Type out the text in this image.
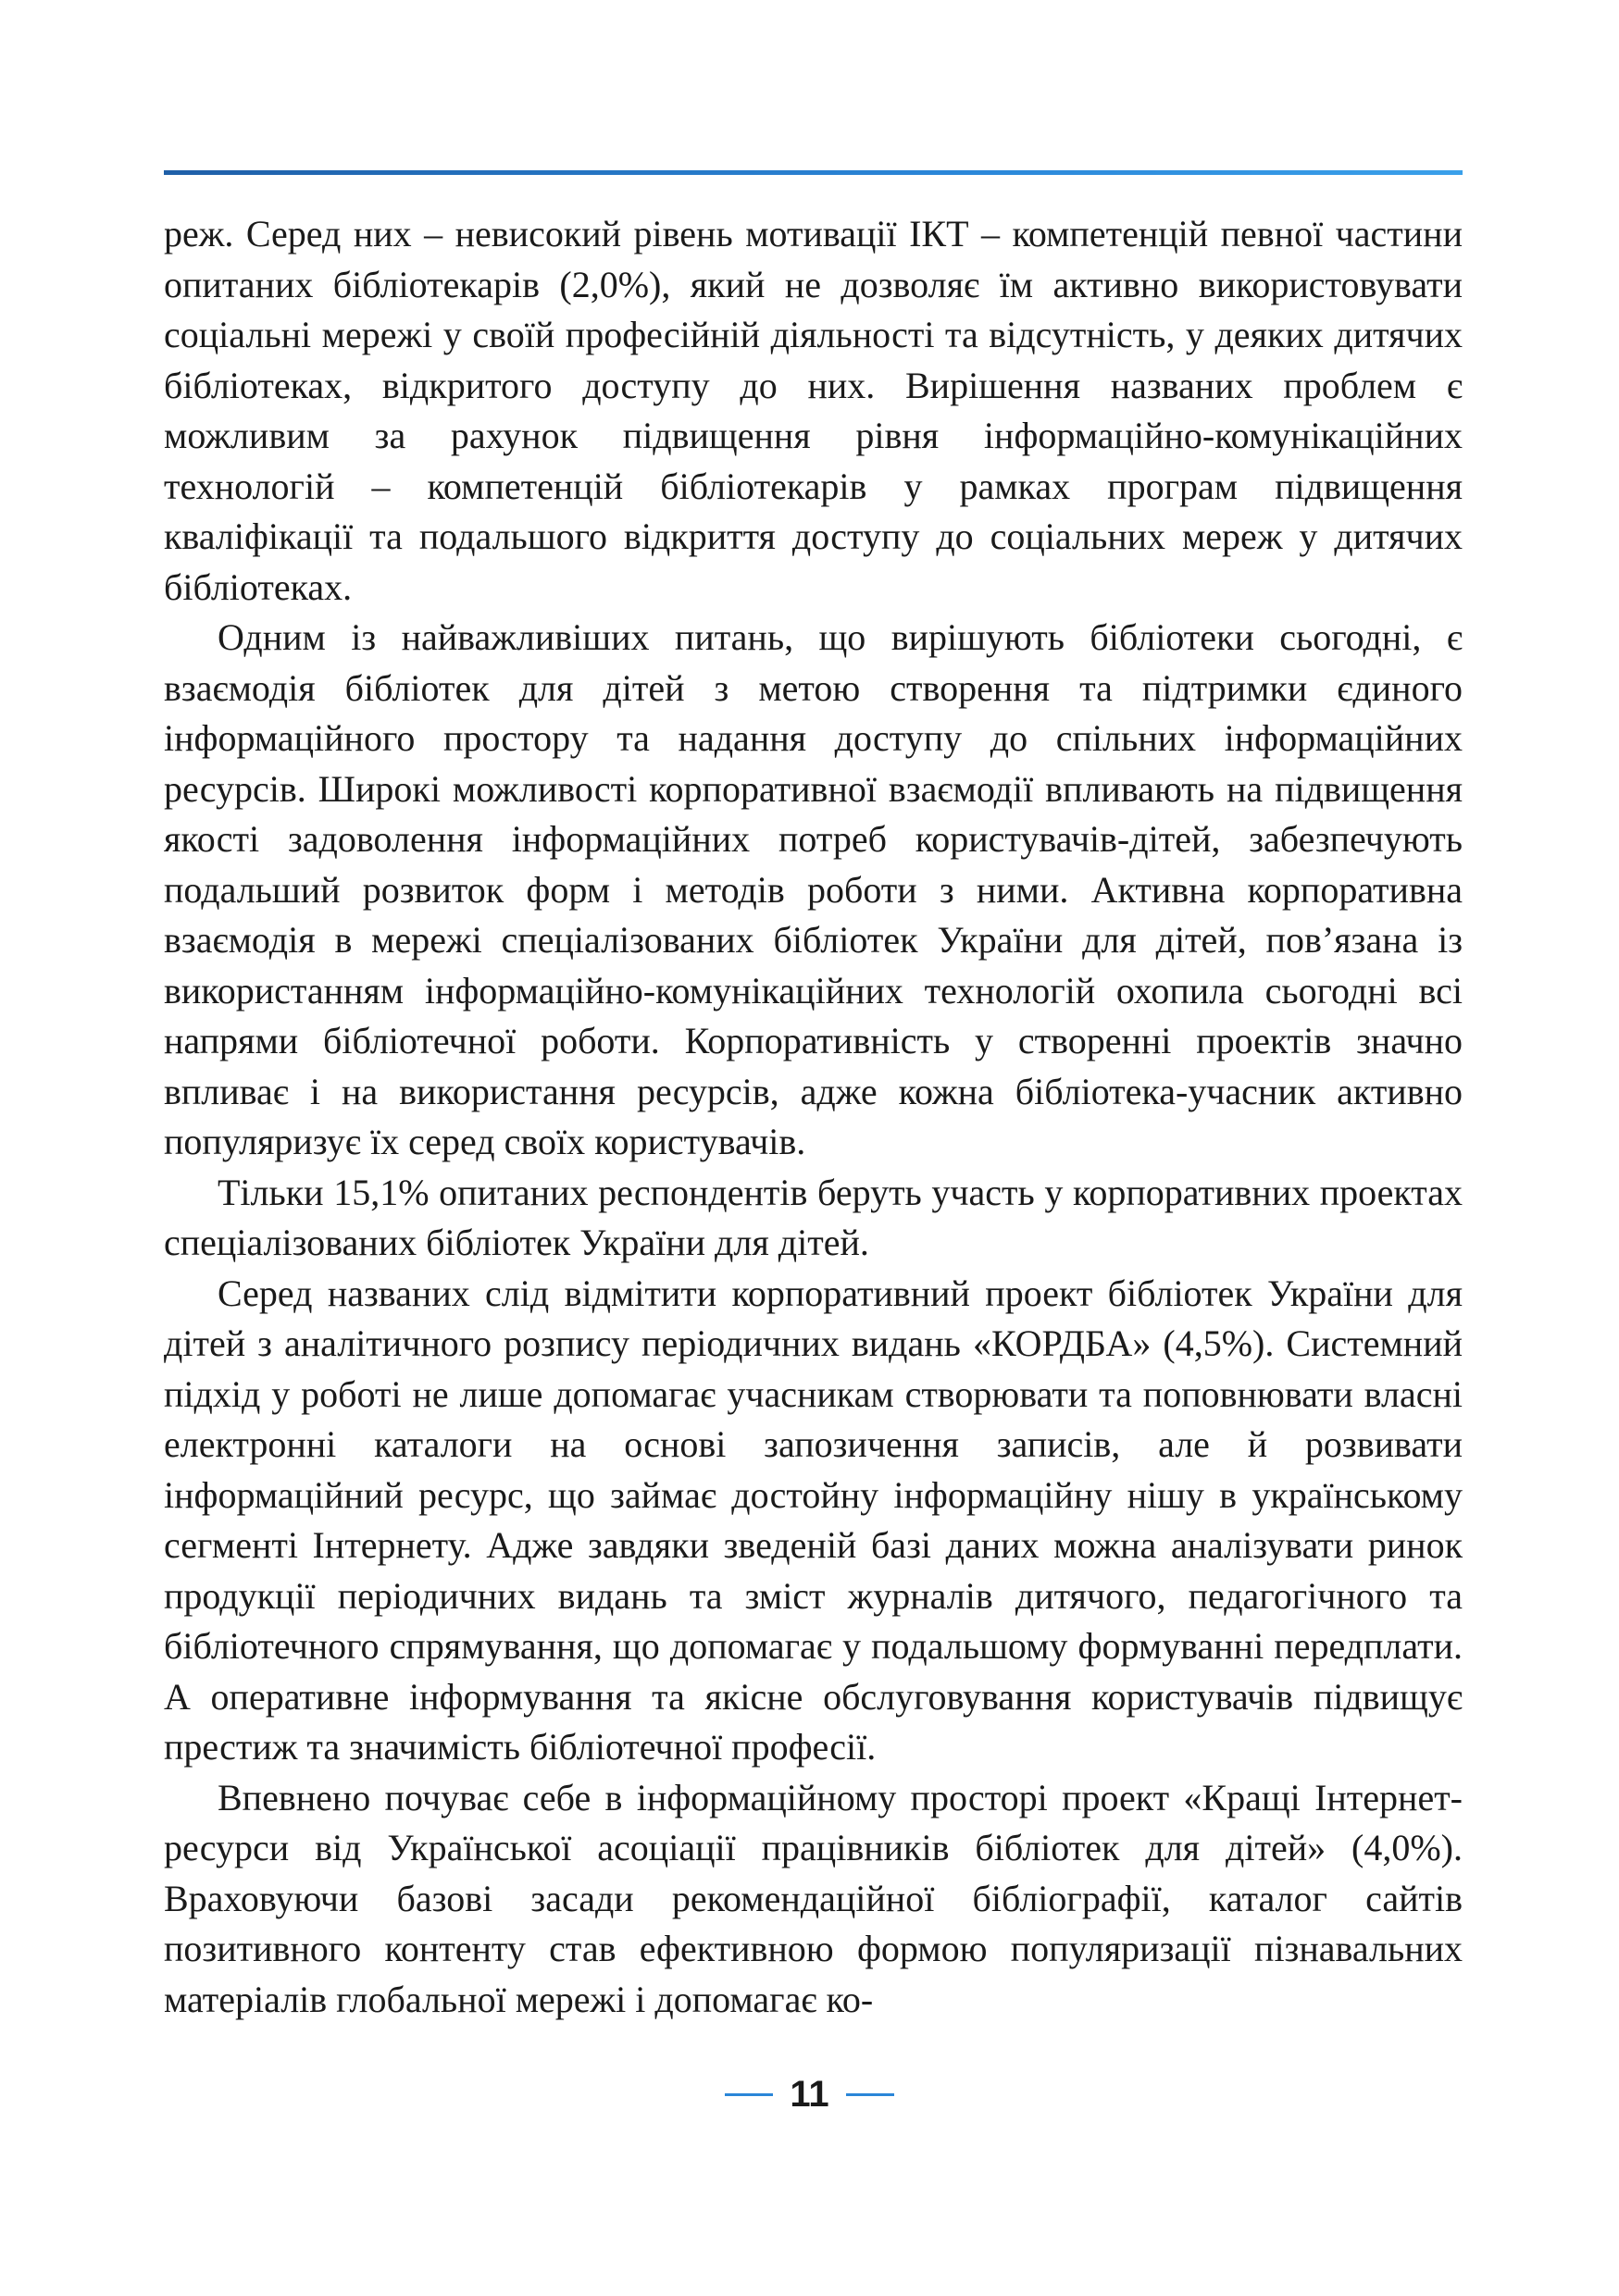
реж. Серед них – невисокий рівень мотивації ІКТ – компетенцій певної частини опитаних бібліотекарів (2,0%), який не дозволяє їм активно використовувати соціальні мережі у своїй професійній діяльності та відсутність, у деяких дитячих бібліотеках, відкритого доступу до них. Вирішення названих проблем є можливим за рахунок підвищення рівня інформаційно-комунікаційних технологій – компетенцій бібліотекарів у рамках програм підвищення кваліфікації та подальшого відкриття доступу до соціальних мереж у дитячих бібліотеках.

Одним із найважливіших питань, що вирішують бібліотеки сьогодні, є взаємодія бібліотек для дітей з метою створення та підтримки єдиного інформаційного простору та надання доступу до спільних інформаційних ресурсів. Широкі можливості корпоративної взаємодії впливають на підвищення якості задоволення інформаційних потреб користувачів-дітей, забезпечують подальший розвиток форм і методів роботи з ними. Активна корпоративна взаємодія в мережі спеціалізованих бібліотек України для дітей, пов’язана із використанням інформаційно-комунікаційних технологій охопила сьогодні всі напрями бібліотечної роботи. Корпоративність у створенні проектів значно впливає і на використання ресурсів, адже кожна бібліотека-учасник активно популяризує їх серед своїх користувачів.

Тільки 15,1% опитаних респондентів беруть участь у корпоративних проектах спеціалізованих бібліотек України для дітей.

Серед названих слід відмітити корпоративний проект бібліотек України для дітей з аналітичного розпису періодичних видань «КОРДБА» (4,5%). Системний підхід у роботі не лише допомагає учасникам створювати та поповнювати власні електронні каталоги на основі запозичення записів, але й розвивати інформаційний ресурс, що займає достойну інформаційну нішу в українському сегменті Інтернету. Адже завдяки зведеній базі даних можна аналізувати ринок продукції періодичних видань та зміст журналів дитячого, педагогічного та бібліотечного спрямування, що допомагає у подальшому формуванні передплати. А оперативне інформування та якісне обслуговування користувачів підвищує престиж та значимість бібліотечної професії.

Впевнено почуває себе в інформаційному просторі проект «Кращі Інтернет-ресурси від Української асоціації працівників бібліотек для дітей» (4,0%). Враховуючи базові засади рекомендаційної бібліографії, каталог сайтів позитивного контенту став ефективною формою популяризації пізнавальних матеріалів глобальної мережі і допомагає ко-

11
